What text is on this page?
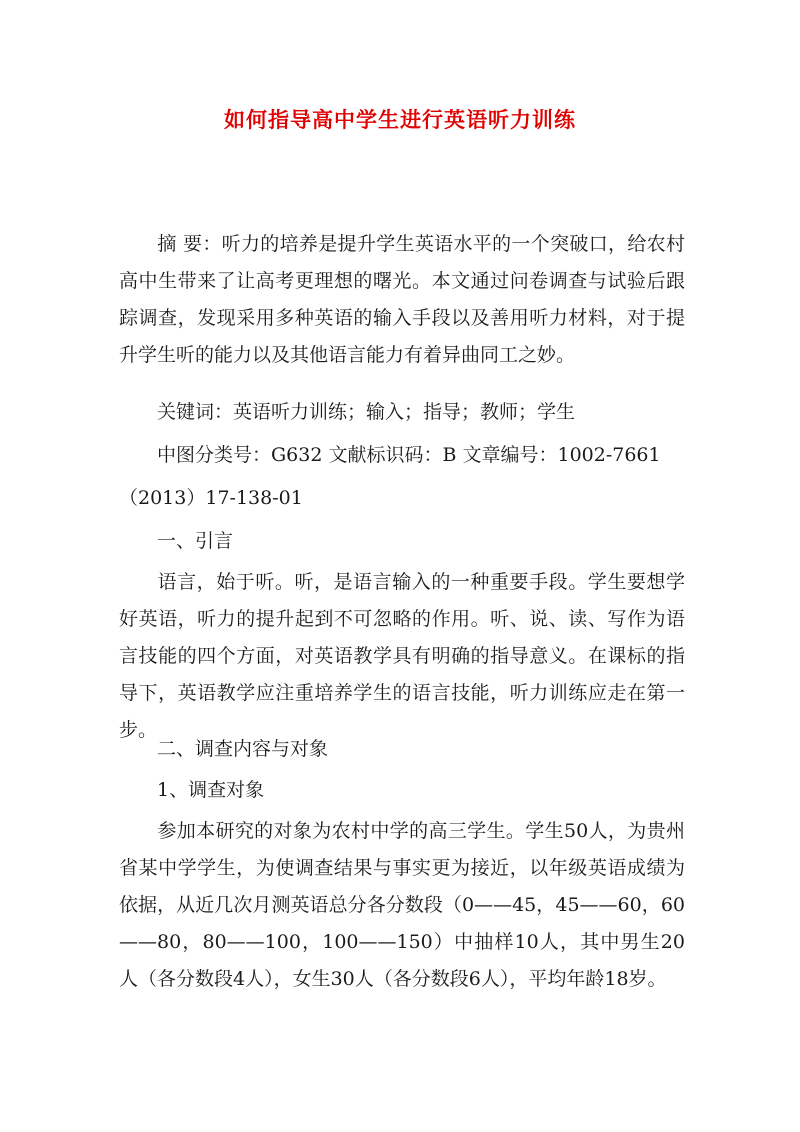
如何指导高中学生进行英语听力训练

摘 要：听力的培养是提升学生英语水平的一个突破口，给农村高中生带来了让高考更理想的曙光。本文通过问卷调查与试验后跟踪调查，发现采用多种英语的输入手段以及善用听力材料，对于提升学生听的能力以及其他语言能力有着异曲同工之妙。

关键词：英语听力训练；输入；指导；教师；学生

中图分类号：G632 文献标识码：B 文章编号：1002-7661

（2013）17-138-01

一、引言

语言，始于听。听，是语言输入的一种重要手段。学生要想学好英语，听力的提升起到不可忽略的作用。听、说、读、写作为语言技能的四个方面，对英语教学具有明确的指导意义。在课标的指导下，英语教学应注重培养学生的语言技能，听力训练应走在第一步。

二、调查内容与对象

1、调查对象

参加本研究的对象为农村中学的高三学生。学生50人，为贵州省某中学学生，为使调查结果与事实更为接近，以年级英语成绩为依据，从近几次月测英语总分各分数段（0——45，45——60，60——80，80——100，100——150）中抽样10人，其中男生20人（各分数段4人），女生30人（各分数段6人），平均年龄18岁。
